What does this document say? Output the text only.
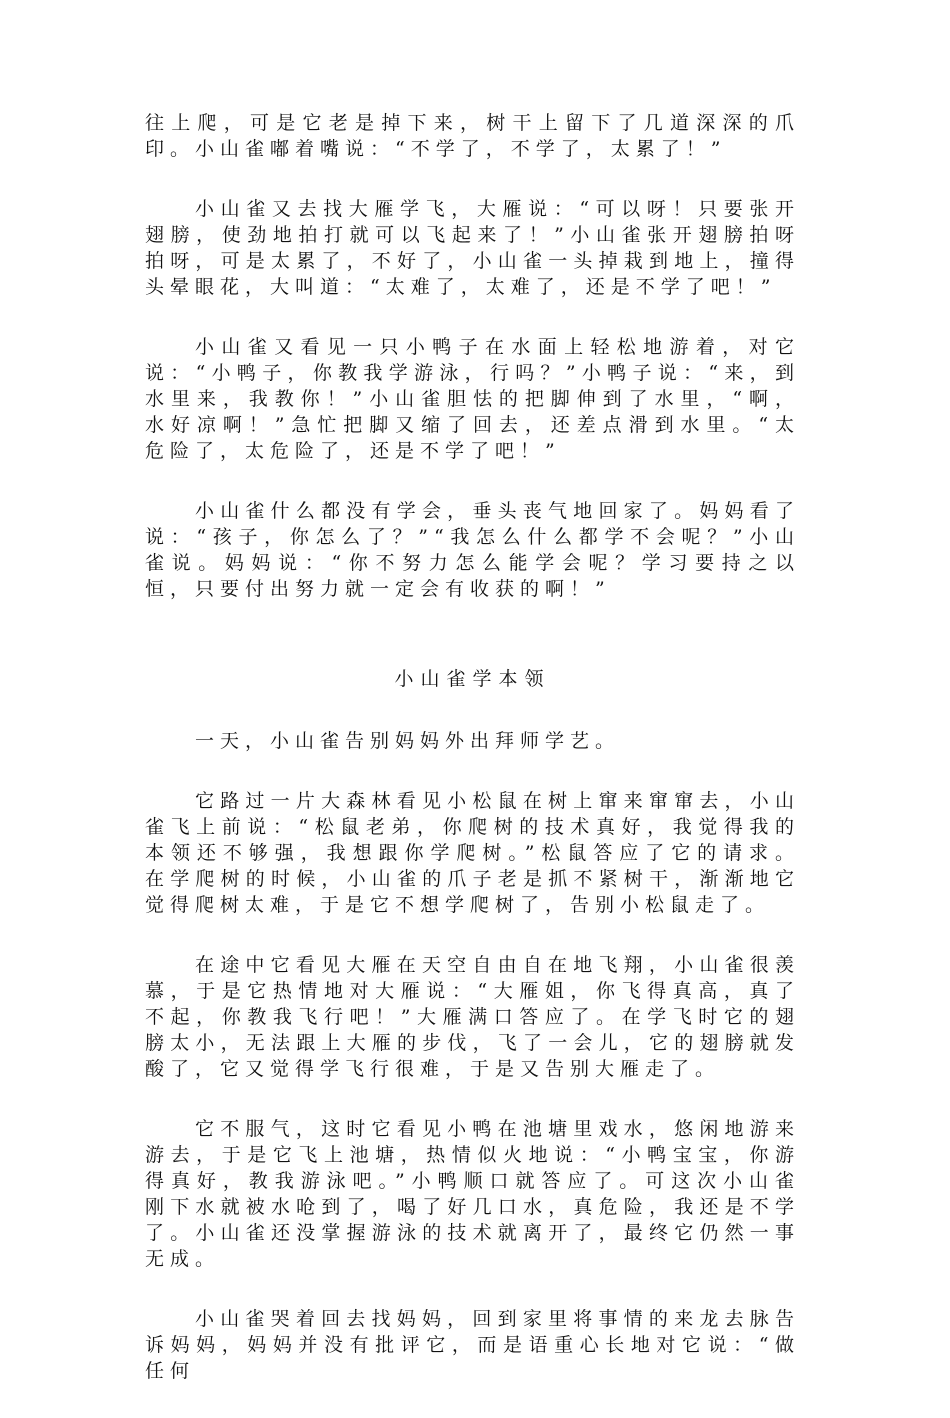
往上爬，可是它老是掉下来，树干上留下了几道深深的爪印。小山雀嘟着嘴说：“不学了，不学了，太累了！”

小山雀又去找大雁学飞，大雁说：“可以呀！只要张开翅膀，使劲地拍打就可以飞起来了！”小山雀张开翅膀拍呀拍呀，可是太累了，不好了，小山雀一头掉栽到地上，撞得头晕眼花，大叫道：“太难了，太难了，还是不学了吧！”

小山雀又看见一只小鸭子在水面上轻松地游着，对它说：“小鸭子，你教我学游泳，行吗？”小鸭子说：“来，到水里来，我教你！”小山雀胆怯的把脚伸到了水里，“啊，水好凉啊！”急忙把脚又缩了回去，还差点滑到水里。“太危险了，太危险了，还是不学了吧！”

小山雀什么都没有学会，垂头丧气地回家了。妈妈看了说：“孩子，你怎么了？”“我怎么什么都学不会呢？”小山雀说。妈妈说：“你不努力怎么能学会呢？学习要持之以恒，只要付出努力就一定会有收获的啊！”

小山雀学本领

一天，小山雀告别妈妈外出拜师学艺。

它路过一片大森林看见小松鼠在树上窜来窜窜去，小山雀飞上前说：“松鼠老弟，你爬树的技术真好，我觉得我的本领还不够强，我想跟你学爬树。”松鼠答应了它的请求。在学爬树的时候，小山雀的爪子老是抓不紧树干，渐渐地它觉得爬树太难，于是它不想学爬树了，告别小松鼠走了。

在途中它看见大雁在天空自由自在地飞翔，小山雀很羡慕，于是它热情地对大雁说：“大雁姐，你飞得真高，真了不起，你教我飞行吧！”大雁满口答应了。在学飞时它的翅膀太小，无法跟上大雁的步伐，飞了一会儿，它的翅膀就发酸了，它又觉得学飞行很难，于是又告别大雁走了。

它不服气，这时它看见小鸭在池塘里戏水，悠闲地游来游去，于是它飞上池塘，热情似火地说：“小鸭宝宝，你游得真好，教我游泳吧。”小鸭顺口就答应了。可这次小山雀刚下水就被水呛到了，喝了好几口水，真危险，我还是不学了。小山雀还没掌握游泳的技术就离开了，最终它仍然一事无成。

小山雀哭着回去找妈妈，回到家里将事情的来龙去脉告诉妈妈，妈妈并没有批评它，而是语重心长地对它说：“做任何
